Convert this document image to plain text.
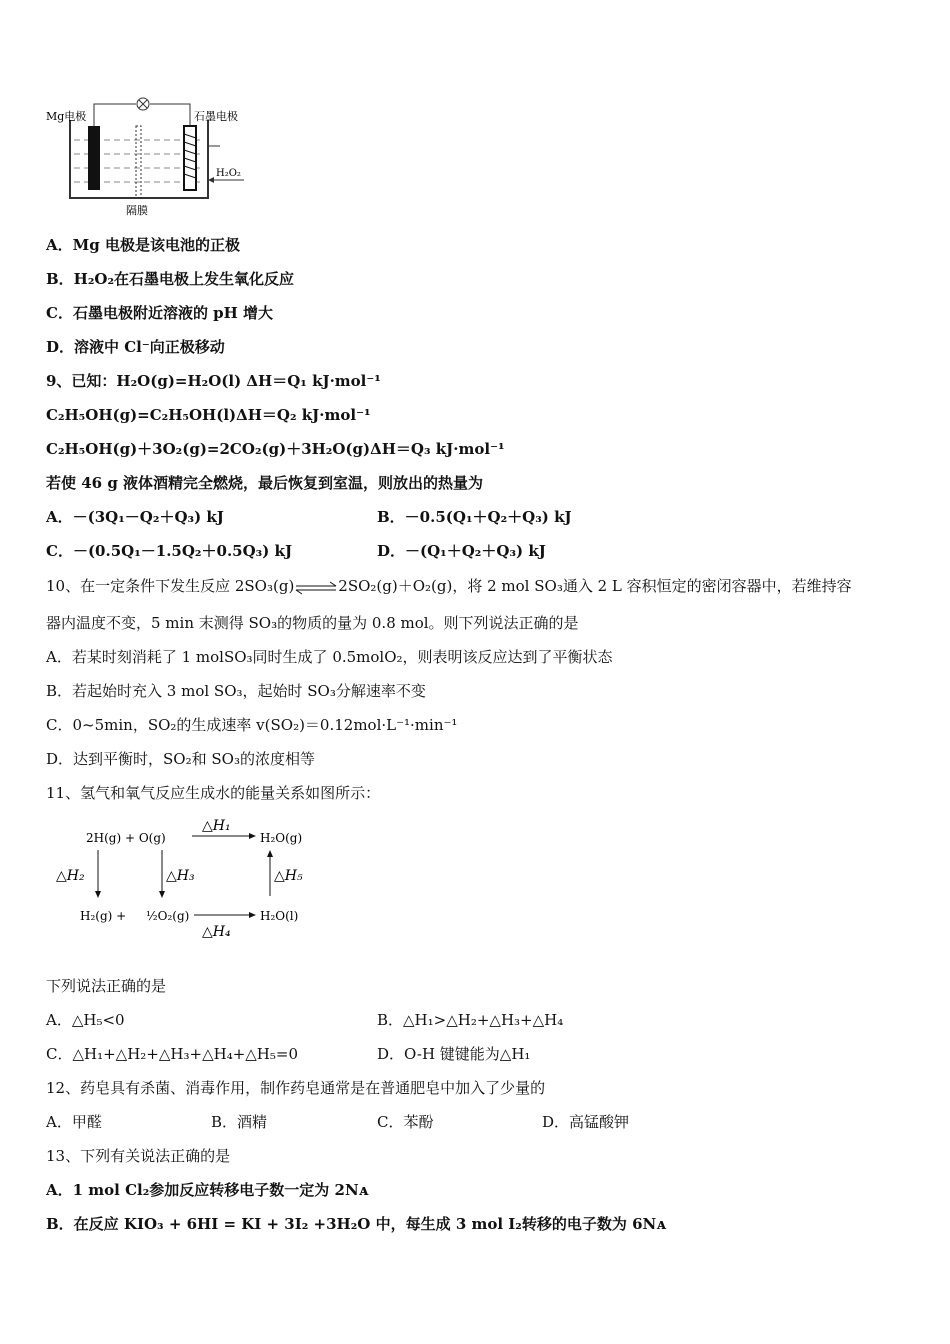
Mg电极	石墨电极
隔膜
H₂O₂
A．Mg 电极是该电池的正极
B．H₂O₂在石墨电极上发生氧化反应
C．石墨电极附近溶液的 pH 增大
D．溶液中 Cl⁻向正极移动
9、已知：H₂O(g)=H₂O(l) ΔH＝Q₁ kJ·mol⁻¹
C₂H₅OH(g)=C₂H₅OH(l)ΔH＝Q₂ kJ·mol⁻¹
C₂H₅OH(g)＋3O₂(g)=2CO₂(g)＋3H₂O(g)ΔH＝Q₃ kJ·mol⁻¹
若使 46 g 液体酒精完全燃烧，最后恢复到室温，则放出的热量为
A．－(3Q₁－Q₂＋Q₃) kJ	B．－0.5(Q₁＋Q₂＋Q₃) kJ
C．－(0.5Q₁－1.5Q₂＋0.5Q₃) kJ	D．－(Q₁＋Q₂＋Q₃) kJ
10、在一定条件下发生反应 2SO₃(g)⇌2SO₂(g)＋O₂(g)，将 2 mol SO₃通入 2 L 容积恒定的密闭容器中，若维持容
器内温度不变，5 min 末测得 SO₃的物质的量为 0.8 mol。则下列说法正确的是
A．若某时刻消耗了 1 molSO₃同时生成了 0.5molO₂，则表明该反应达到了平衡状态
B．若起始时充入 3 mol SO₃，起始时 SO₃分解速率不变
C．0~5min，SO₂的生成速率 v(SO₂)＝0.12mol·L⁻¹·min⁻¹
D．达到平衡时，SO₂和 SO₃的浓度相等
11、氢气和氧气反应生成水的能量关系如图所示：
2H(g) + O(g)	H₂O(g)
△H₁
△H₂	△H₃	△H₅
H₂(g) + ½O₂(g)	H₂O(l)
△H₄
下列说法正确的是
A．△H₅<0	B．△H₁>△H₂+△H₃+△H₄
C．△H₁+△H₂+△H₃+△H₄+△H₅=0	D．O-H 键键能为△H₁
12、药皂具有杀菌、消毒作用，制作药皂通常是在普通肥皂中加入了少量的
A．甲醛	B．酒精	C．苯酚	D．高锰酸钾
13、下列有关说法正确的是
A．1 mol Cl₂参加反应转移电子数一定为 2Nᴀ
B．在反应 KIO₃ + 6HI = KI + 3I₂ +3H₂O 中，每生成 3 mol I₂转移的电子数为 6Nᴀ
